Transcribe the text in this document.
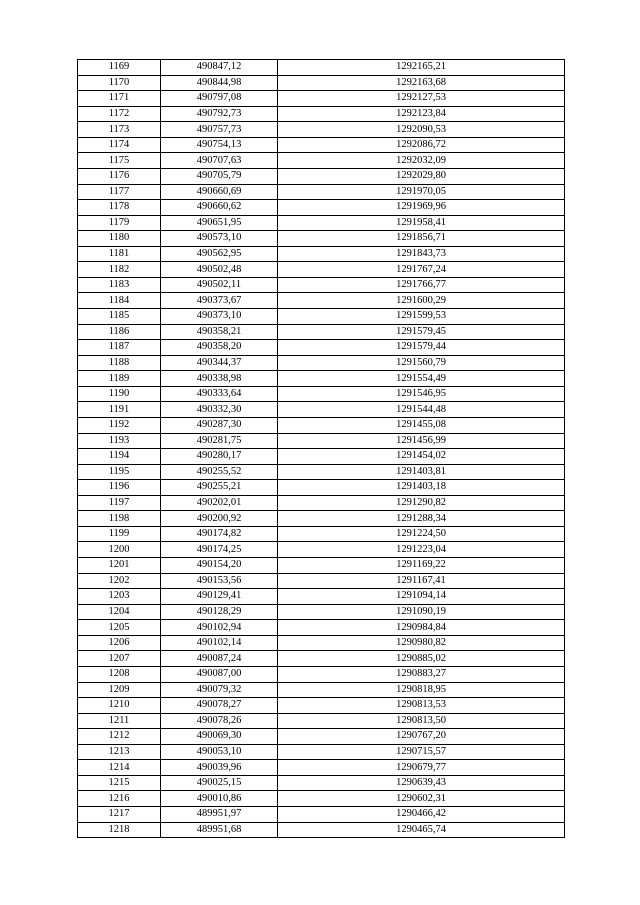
1169	490847,12	1292165,21
1170	490844,98	1292163,68
1171	490797,08	1292127,53
1172	490792,73	1292123,84
1173	490757,73	1292090,53
1174	490754,13	1292086,72
1175	490707,63	1292032,09
1176	490705,79	1292029,80
1177	490660,69	1291970,05
1178	490660,62	1291969,96
1179	490651,95	1291958,41
1180	490573,10	1291856,71
1181	490562,95	1291843,73
1182	490502,48	1291767,24
1183	490502,11	1291766,77
1184	490373,67	1291600,29
1185	490373,10	1291599,53
1186	490358,21	1291579,45
1187	490358,20	1291579,44
1188	490344,37	1291560,79
1189	490338,98	1291554,49
1190	490333,64	1291546,95
1191	490332,30	1291544,48
1192	490287,30	1291455,08
1193	490281,75	1291456,99
1194	490280,17	1291454,02
1195	490255,52	1291403,81
1196	490255,21	1291403,18
1197	490202,01	1291290,82
1198	490200,92	1291288,34
1199	490174,82	1291224,50
1200	490174,25	1291223,04
1201	490154,20	1291169,22
1202	490153,56	1291167,41
1203	490129,41	1291094,14
1204	490128,29	1291090,19
1205	490102,94	1290984,84
1206	490102,14	1290980,82
1207	490087,24	1290885,02
1208	490087,00	1290883,27
1209	490079,32	1290818,95
1210	490078,27	1290813,53
1211	490078,26	1290813,50
1212	490069,30	1290767,20
1213	490053,10	1290715,57
1214	490039,96	1290679,77
1215	490025,15	1290639,43
1216	490010,86	1290602,31
1217	489951,97	1290466,42
1218	489951,68	1290465,74
